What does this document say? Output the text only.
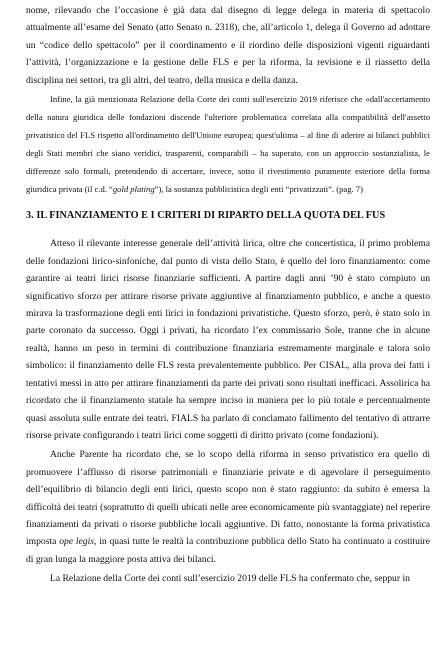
nome, rilevando che l’occasione è già data dal disegno di legge delega in materia di spettacolo attualmente all’esame del Senato (atto Senato n. 2318), che, all’articolo 1, delega il Governo ad adottare un “codice dello spettacolo” per il coordinamento e il riordino delle disposizioni vigenti riguardanti l’attività, l’organizzazione e la gestione delle FLS e per la riforma, la revisione e il riassetto della disciplina nei settori, tra gli altri, del teatro, della musica e della danza.

Infine, la già menzionata Relazione della Corte dei conti sull'esercizio 2019 riferisce che «dall'accertamento della natura giuridica delle fondazioni discende l'ulteriore problematica correlata alla compatibilità dell'assetto privatistico del FLS rispetto all'ordinamento dell'Unione europea; quest'ultima – al fine di aderire ai bilanci pubblici degli Stati membri che siano veridici, trasparenti, comparabili – ha superato, con un approccio sostanzialista, le differenze solo formali, pretendendo di accertare, invece, sotto il rivestimento puramente esteriore della forma giuridica privata (il c.d. “gold plating”), la sostanza pubblicistica degli enti “privatizzati”. (pag. 7)

3. IL FINANZIAMENTO E I CRITERI DI RIPARTO DELLA QUOTA DEL FUS

Atteso il rilevante interesse generale dell’attività lirica, oltre che concertistica, il primo problema delle fondazioni lirico-sinfoniche, dal punto di vista dello Stato, è quello del loro finanziamento: come garantire ai teatri lirici risorse finanziarie sufficienti. A partire dagli anni ’90 è stato compiuto un significativo sforzo per attirare risorse private aggiuntive al finanziamento pubblico, e anche a questo mirava la trasformazione degli enti lirici in fondazioni privatistiche. Questo sforzo, però, è stato solo in parte coronato da successo. Oggi i privati, ha ricordato l’ex commissario Sole, tranne che in alcune realtà, hanno un peso in termini di contribuzione finanziaria estremamente marginale e talora solo simbolico: il finanziamento delle FLS resta prevalentemente pubblico. Per CISAL, alla prova dei fatti i tentativi messi in atto per attirare finanziamenti da parte dei privati sono risultati inefficaci. Assolirica ha ricordato che il finanziamento statale ha sempre inciso in maniera per lo più totale e percentualmente quasi assoluta sulle entrate dei teatri. FIALS ha parlato di conclamato fallimento del tentativo di attrarre risorse private configurando i teatri lirici come soggetti di diritto privato (come fondazioni).

Anche Parente ha ricordato che, se lo scopo della riforma in senso privatistico era quello di promuovere l’afflusso di risorse patrimoniali e finanziarie private e di agevolare il perseguimento dell’equilibrio di bilancio degli enti lirici, questo scopo non è stato raggiunto: da subito è emersa la difficoltà dei teatri (soprattutto di quelli ubicati nelle aree economicamente più svantaggiate) nel reperire finanziamenti da privati o risorse pubbliche locali aggiuntive. Di fatto, nonostante la forma privatistica imposta ope legis, in quasi tutte le realtà la contribuzione pubblica dello Stato ha continuato a costituire di gran lunga la maggiore posta attiva dei bilanci.

La Relazione della Corte dei conti sull’esercizio 2019 delle FLS ha confermato che, seppur in
